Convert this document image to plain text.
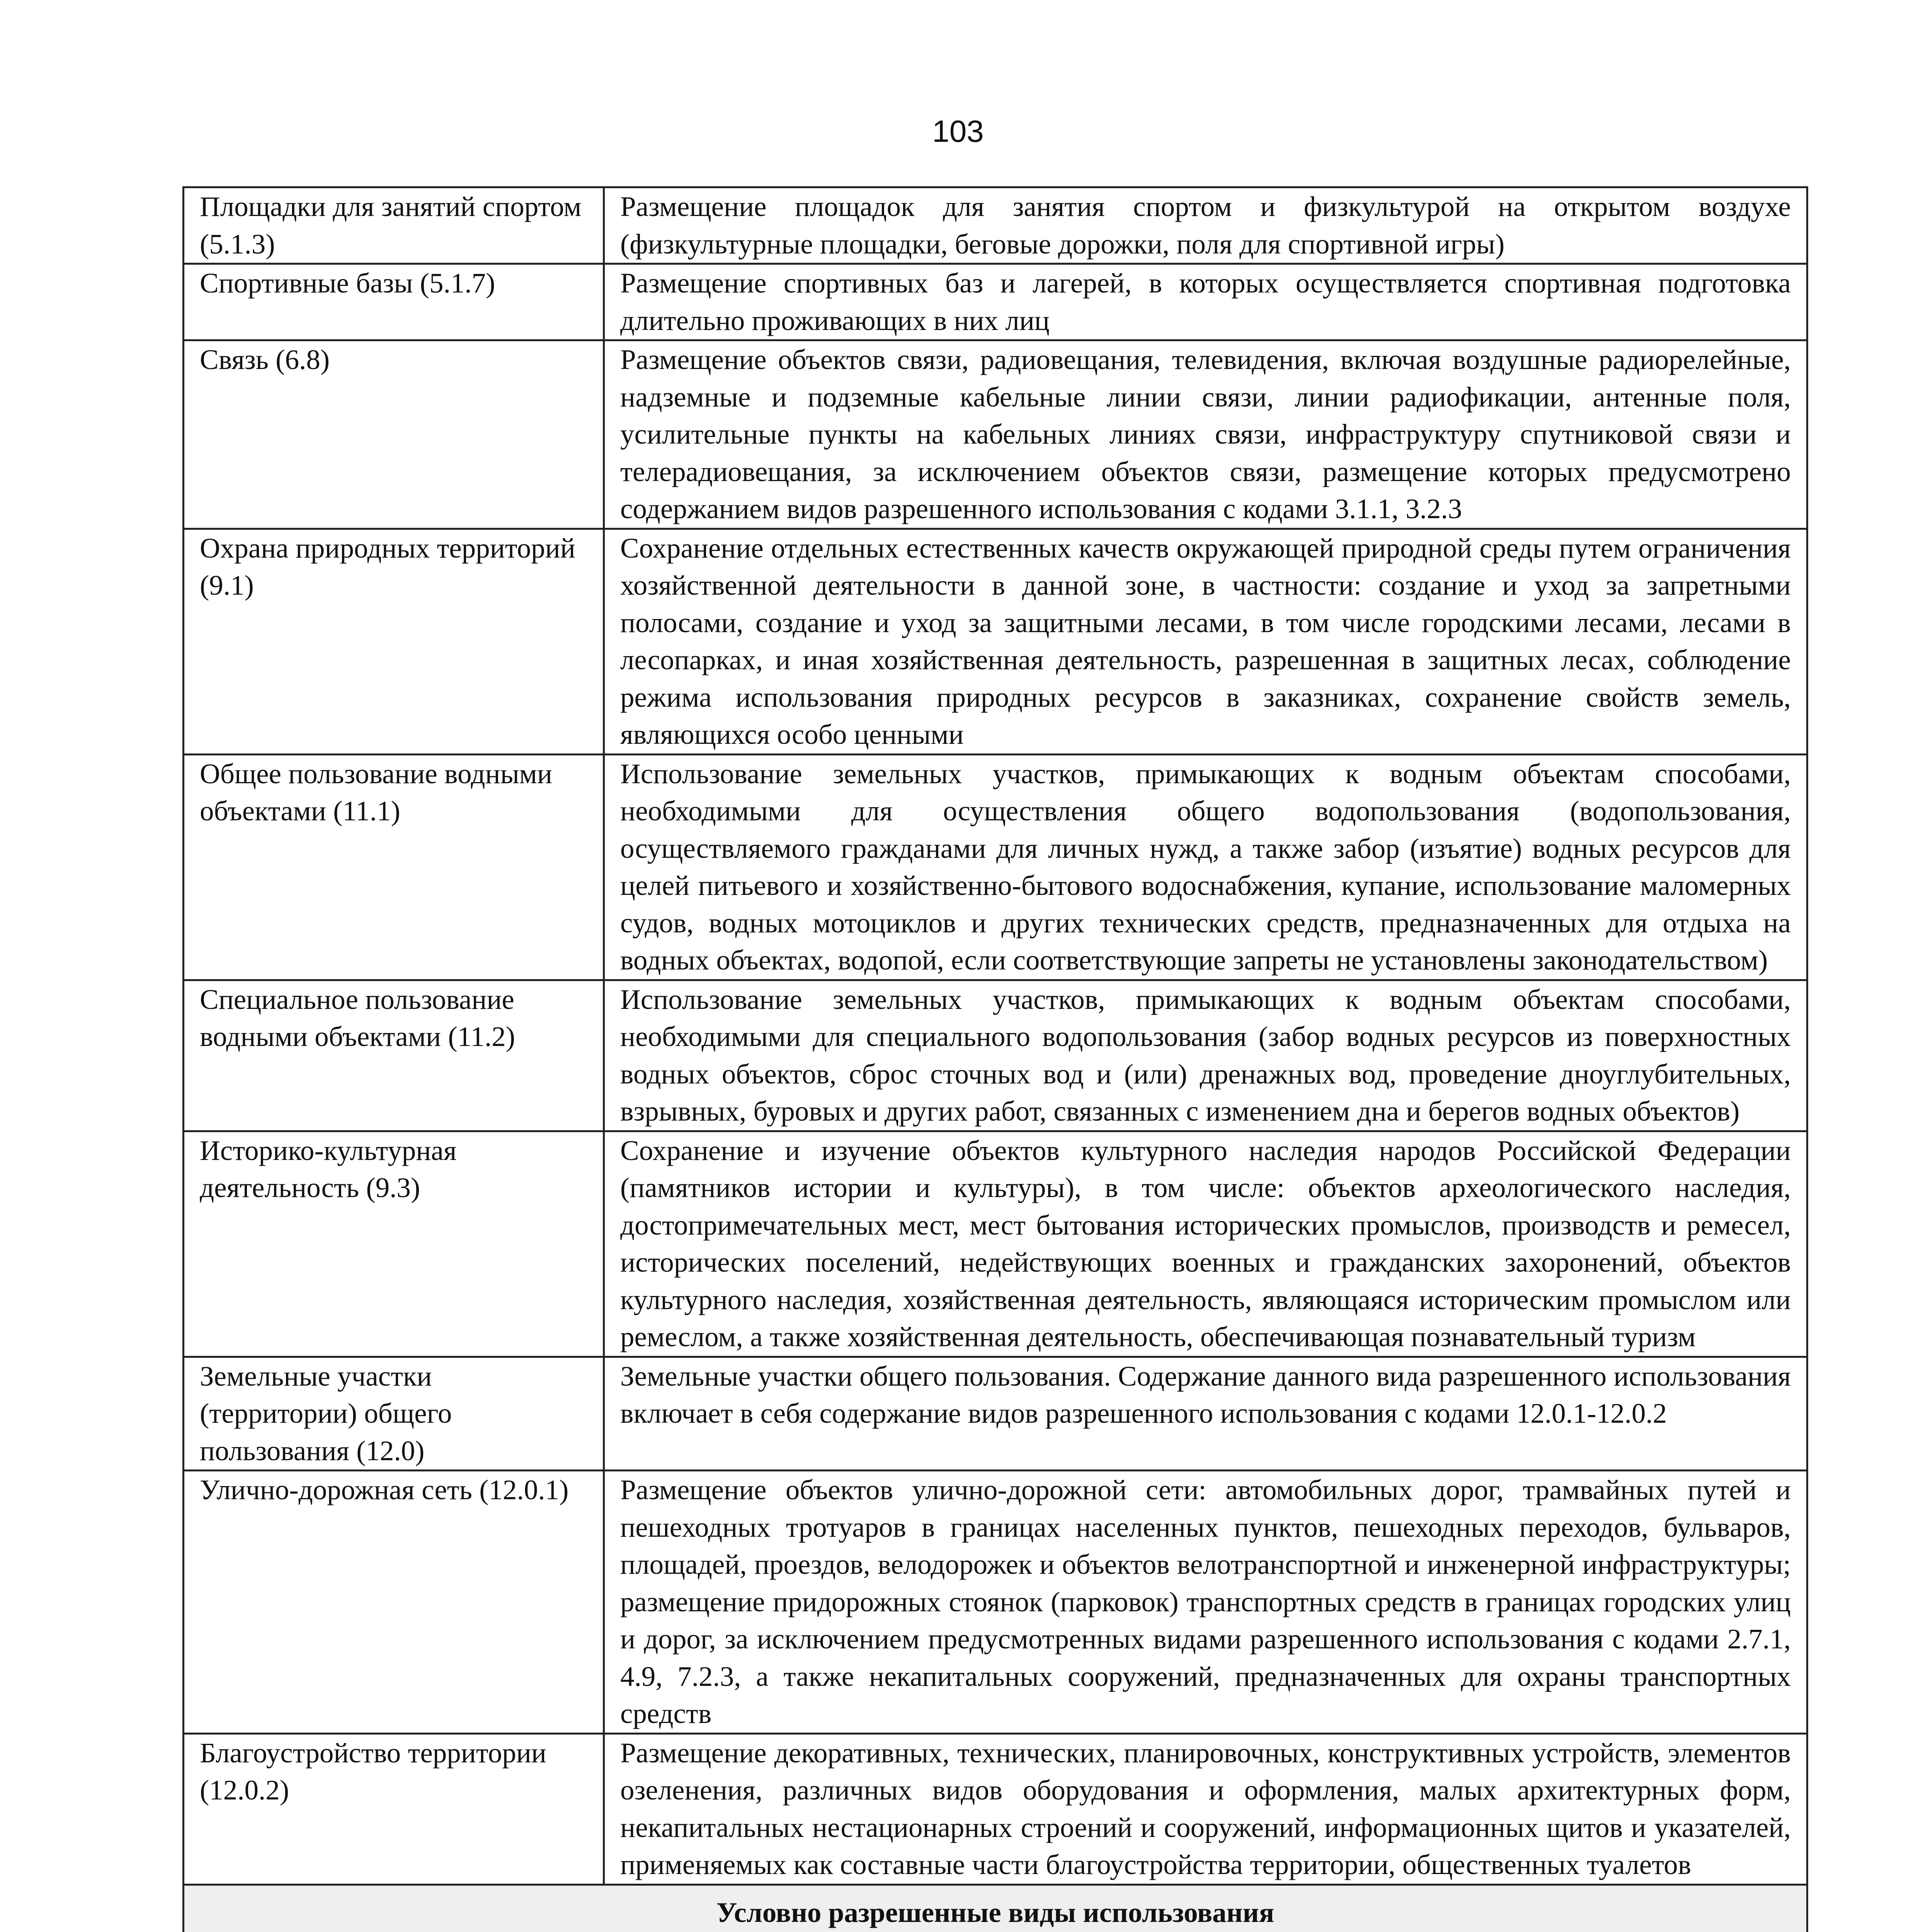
103
Площадки для занятий спортом (5.1.3)	Размещение площадок для занятия спортом и физкультурой на открытом воздухе (физкультурные площадки, беговые дорожки, поля для спортивной игры)
Спортивные базы (5.1.7)	Размещение спортивных баз и лагерей, в которых осуществляется спортивная подготовка длительно проживающих в них лиц
Связь (6.8)	Размещение объектов связи, радиовещания, телевидения, включая воздушные радиорелейные, надземные и подземные кабельные линии связи, линии радиофикации, антенные поля, усилительные пункты на кабельных линиях связи, инфраструктуру спутниковой связи и телерадиовещания, за исключением объектов связи, размещение которых предусмотрено содержанием видов разрешенного использования с кодами 3.1.1, 3.2.3
Охрана природных территорий (9.1)	Сохранение отдельных естественных качеств окружающей природной среды путем ограничения хозяйственной деятельности в данной зоне, в частности: создание и уход за запретными полосами, создание и уход за защитными лесами, в том числе городскими лесами, лесами в лесопарках, и иная хозяйственная деятельность, разрешенная в защитных лесах, соблюдение режима использования природных ресурсов в заказниках, сохранение свойств земель, являющихся особо ценными
Общее пользование водными объектами (11.1)	Использование земельных участков, примыкающих к водным объектам способами, необходимыми для осуществления общего водопользования (водопользования, осуществляемого гражданами для личных нужд, а также забор (изъятие) водных ресурсов для целей питьевого и хозяйственно-бытового водоснабжения, купание, использование маломерных судов, водных мотоциклов и других технических средств, предназначенных для отдыха на водных объектах, водопой, если соответствующие запреты не установлены законодательством)
Специальное пользование водными объектами (11.2)	Использование земельных участков, примыкающих к водным объектам способами, необходимыми для специального водопользования (забор водных ресурсов из поверхностных водных объектов, сброс сточных вод и (или) дренажных вод, проведение дноуглубительных, взрывных, буровых и других работ, связанных с изменением дна и берегов водных объектов)
Историко-культурная деятельность (9.3)	Сохранение и изучение объектов культурного наследия народов Российской Федерации (памятников истории и культуры), в том числе: объектов археологического наследия, достопримечательных мест, мест бытования исторических промыслов, производств и ремесел, исторических поселений, недействующих военных и гражданских захоронений, объектов культурного наследия, хозяйственная деятельность, являющаяся историческим промыслом или ремеслом, а также хозяйственная деятельность, обеспечивающая познавательный туризм
Земельные участки (территории) общего пользования (12.0)	Земельные участки общего пользования. Содержание данного вида разрешенного использования включает в себя содержание видов разрешенного использования с кодами 12.0.1-12.0.2
Улично-дорожная сеть (12.0.1)	Размещение объектов улично-дорожной сети: автомобильных дорог, трамвайных путей и пешеходных тротуаров в границах населенных пунктов, пешеходных переходов, бульваров, площадей, проездов, велодорожек и объектов велотранспортной и инженерной инфраструктуры; размещение придорожных стоянок (парковок) транспортных средств в границах городских улиц и дорог, за исключением предусмотренных видами разрешенного использования с кодами 2.7.1, 4.9, 7.2.3, а также некапитальных сооружений, предназначенных для охраны транспортных средств
Благоустройство территории (12.0.2)	Размещение декоративных, технических, планировочных, конструктивных устройств, элементов озеленения, различных видов оборудования и оформления, малых архитектурных форм, некапитальных нестационарных строений и сооружений, информационных щитов и указателей, применяемых как составные части благоустройства территории, общественных туалетов
Условно разрешенные виды использования	
